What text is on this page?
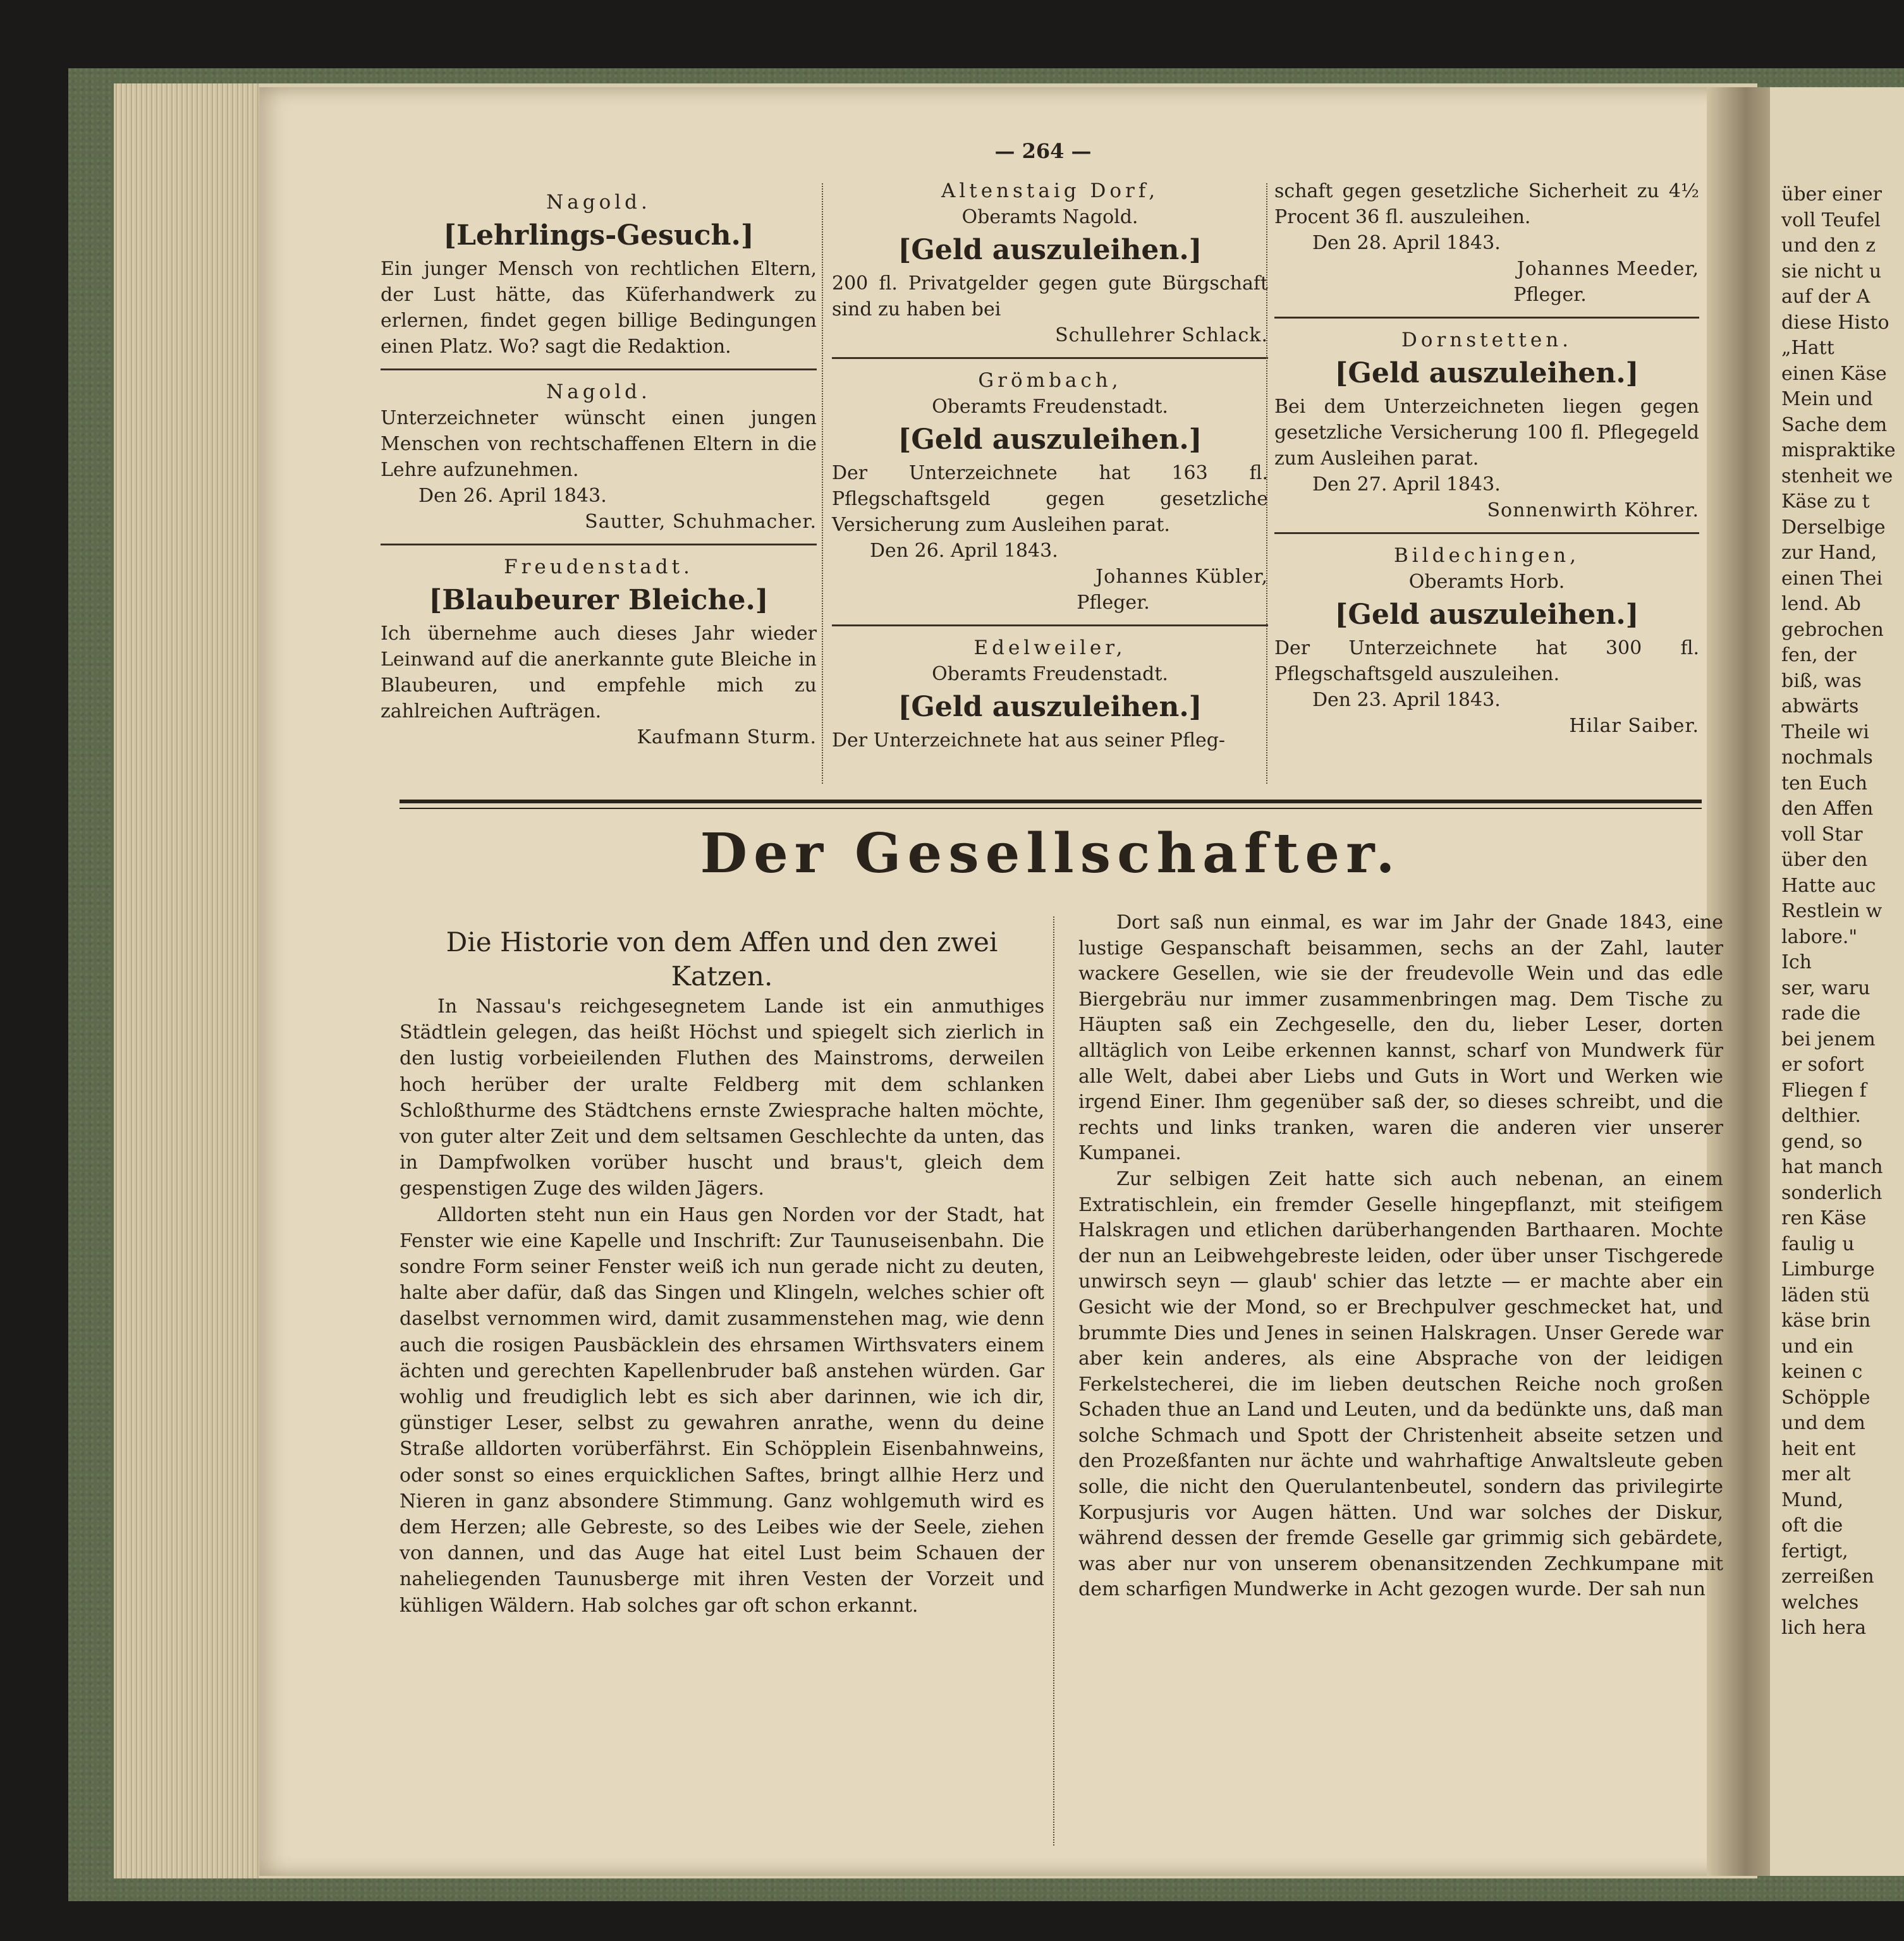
über einer
voll Teufel
und den z
sie nicht u
auf der A
diese Histo
„Hatt
einen Käse
Mein und
Sache dem
mispraktike
stenheit we
Käse zu t
Derselbige
zur Hand,
einen Thei
lend. Ab
gebrochen
fen, der
biß, was
abwärts
Theile wi
nochmals
ten Euch
den Affen
voll Star
über den
Hatte auc
Restlein w
labore."
Ich
ser, waru
rade die
bei jenem
er sofort
Fliegen f
delthier.
gend, so
hat manch
sonderlich
ren Käse
faulig u
Limburge
läden stü
käse brin
und ein
keinen c
Schöpple
und dem
heit ent
mer alt
Mund,
oft die
fertigt,
zerreißen
welches
lich hera
— 264 —
Nagold.
[Lehrlings-Gesuch.]

Ein junger Mensch von rechtlichen Eltern, der Lust hätte, das Küferhandwerk zu erlernen, findet gegen billige Bedingungen einen Platz. Wo? sagt die Redaktion.

Nagold.

Unterzeichneter wünscht einen jungen Menschen von rechtschaffenen Eltern in die Lehre aufzunehmen.

Den 26. April 1843.
Sautter, Schuhmacher.
Freudenstadt.
[Blaubeurer Bleiche.]

Ich übernehme auch dieses Jahr wieder Leinwand auf die anerkannte gute Bleiche in Blaubeuren, und empfehle mich zu zahlreichen Aufträgen.

Kaufmann Sturm.
Altenstaig Dorf,
Oberamts Nagold.
[Geld auszuleihen.]

200 fl. Privatgelder gegen gute Bürgschaft sind zu haben bei

Schullehrer Schlack.
Grömbach,
Oberamts Freudenstadt.
[Geld auszuleihen.]

Der Unterzeichnete hat 163 fl. Pflegschaftsgeld gegen gesetzliche Versicherung zum Ausleihen parat.

Den 26. April 1843.
Johannes Kübler,
Pfleger.
Edelweiler,
Oberamts Freudenstadt.
[Geld auszuleihen.]

Der Unterzeichnete hat aus seiner Pfleg-

schaft gegen gesetzliche Sicherheit zu 4½ Procent 36 fl. auszuleihen.

Den 28. April 1843.
Johannes Meeder,
Pfleger.
Dornstetten.
[Geld auszuleihen.]

Bei dem Unterzeichneten liegen gegen gesetzliche Versicherung 100 fl. Pflegegeld zum Ausleihen parat.

Den 27. April 1843.
Sonnenwirth Köhrer.
Bildechingen,
Oberamts Horb.
[Geld auszuleihen.]

Der Unterzeichnete hat 300 fl. Pflegschaftsgeld auszuleihen.

Den 23. April 1843.
Hilar Saiber.
Der Gesellschafter.
Die Historie von dem Affen und den zwei Katzen.

In Nassau's reichgesegnetem Lande ist ein anmuthiges Städtlein gelegen, das heißt Höchst und spiegelt sich zierlich in den lustig vorbeieilenden Fluthen des Mainstroms, derweilen hoch herüber der uralte Feldberg mit dem schlanken Schloßthurme des Städtchens ernste Zwiesprache halten möchte, von guter alter Zeit und dem seltsamen Geschlechte da unten, das in Dampfwolken vorüber huscht und braus't, gleich dem gespenstigen Zuge des wilden Jägers.

Alldorten steht nun ein Haus gen Norden vor der Stadt, hat Fenster wie eine Kapelle und Inschrift: Zur Taunuseisenbahn. Die sondre Form seiner Fenster weiß ich nun gerade nicht zu deuten, halte aber dafür, daß das Singen und Klingeln, welches schier oft daselbst vernommen wird, damit zusammenstehen mag, wie denn auch die rosigen Pausbäcklein des ehrsamen Wirthsvaters einem ächten und gerechten Kapellenbruder baß anstehen würden. Gar wohlig und freudiglich lebt es sich aber darinnen, wie ich dir, günstiger Leser, selbst zu gewahren anrathe, wenn du deine Straße alldorten vorüberfährst. Ein Schöpplein Eisenbahnweins, oder sonst so eines erquicklichen Saftes, bringt allhie Herz und Nieren in ganz absondere Stimmung. Ganz wohlgemuth wird es dem Herzen; alle Gebreste, so des Leibes wie der Seele, ziehen von dannen, und das Auge hat eitel Lust beim Schauen der naheliegenden Taunusberge mit ihren Vesten der Vorzeit und kühligen Wäldern. Hab solches gar oft schon erkannt.

Dort saß nun einmal, es war im Jahr der Gnade 1843, eine lustige Gespanschaft beisammen, sechs an der Zahl, lauter wackere Gesellen, wie sie der freudevolle Wein und das edle Biergebräu nur immer zusammenbringen mag. Dem Tische zu Häupten saß ein Zechgeselle, den du, lieber Leser, dorten alltäglich von Leibe erkennen kannst, scharf von Mundwerk für alle Welt, dabei aber Liebs und Guts in Wort und Werken wie irgend Einer. Ihm gegenüber saß der, so dieses schreibt, und die rechts und links tranken, waren die anderen vier unserer Kumpanei.

Zur selbigen Zeit hatte sich auch nebenan, an einem Extratischlein, ein fremder Geselle hingepflanzt, mit steifigem Halskragen und etlichen darüberhangenden Barthaaren. Mochte der nun an Leibwehgebreste leiden, oder über unser Tischgerede unwirsch seyn — glaub' schier das letzte — er machte aber ein Gesicht wie der Mond, so er Brechpulver geschmecket hat, und brummte Dies und Jenes in seinen Halskragen. Unser Gerede war aber kein anderes, als eine Absprache von der leidigen Ferkelstecherei, die im lieben deutschen Reiche noch großen Schaden thue an Land und Leuten, und da bedünkte uns, daß man solche Schmach und Spott der Christenheit abseite setzen und den Prozeßfanten nur ächte und wahrhaftige Anwaltsleute geben solle, die nicht den Querulantenbeutel, sondern das privilegirte Korpusjuris vor Augen hätten. Und war solches der Diskur, während dessen der fremde Geselle gar grimmig sich gebärdete, was aber nur von unserem obenansitzenden Zechkumpane mit dem scharfigen Mundwerke in Acht gezogen wurde. Der sah nun
